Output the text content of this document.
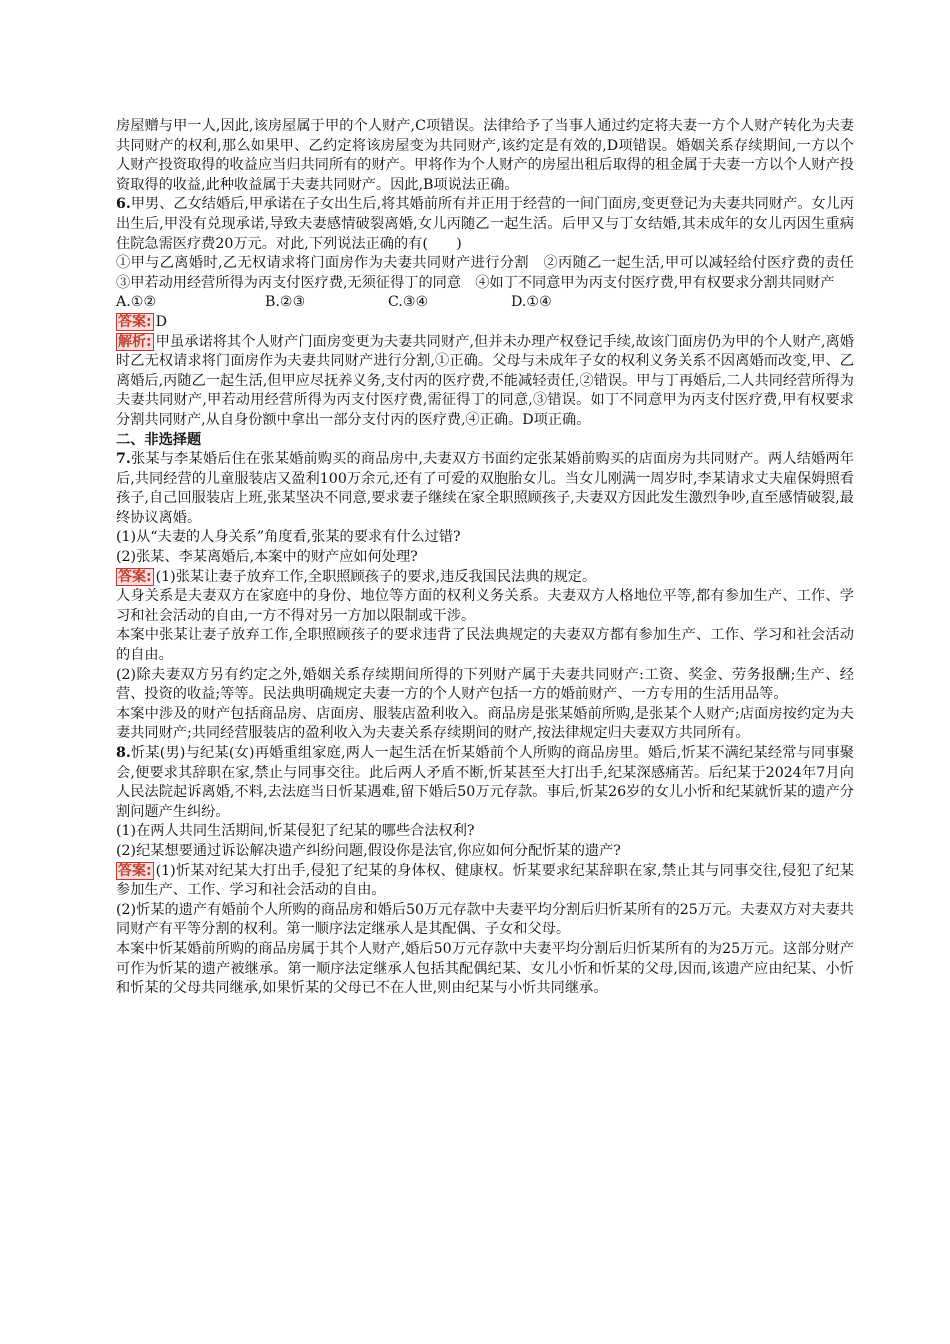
房屋赠与甲一人,因此,该房屋属于甲的个人财产,C项错误。法律给予了当事人通过约定将夫妻一方个人财产转化为夫妻共同财产的权利,那么如果甲、乙约定将该房屋变为共同财产,该约定是有效的,D项错误。婚姻关系存续期间,一方以个人财产投资取得的收益应当归共同所有的财产。甲将作为个人财产的房屋出租后取得的租金属于夫妻一方以个人财产投资取得的收益,此种收益属于夫妻共同财产。因此,B项说法正确。

6.甲男、乙女结婚后,甲承诺在子女出生后,将其婚前所有并正用于经营的一间门面房,变更登记为夫妻共同财产。女儿丙出生后,甲没有兑现承诺,导致夫妻感情破裂离婚,女儿丙随乙一起生活。后甲又与丁女结婚,其未成年的女儿丙因生重病住院急需医疗费20万元。对此,下列说法正确的有(　　)

①甲与乙离婚时,乙无权请求将门面房作为夫妻共同财产进行分割　②丙随乙一起生活,甲可以减轻给付医疗费的责任　③甲若动用经营所得为丙支付医疗费,无须征得丁的同意　④如丁不同意甲为丙支付医疗费,甲有权要求分割共同财产

A.①②	B.②③	C.③④	D.①④

答案: D

解析: 甲虽承诺将其个人财产门面房变更为夫妻共同财产,但并未办理产权登记手续,故该门面房仍为甲的个人财产,离婚时乙无权请求将门面房作为夫妻共同财产进行分割,①正确。父母与未成年子女的权利义务关系不因离婚而改变,甲、乙离婚后,丙随乙一起生活,但甲应尽抚养义务,支付丙的医疗费,不能减轻责任,②错误。甲与丁再婚后,二人共同经营所得为夫妻共同财产,甲若动用经营所得为丙支付医疗费,需征得丁的同意,③错误。如丁不同意甲为丙支付医疗费,甲有权要求分割共同财产,从自身份额中拿出一部分支付丙的医疗费,④正确。D项正确。

二、非选择题

7.张某与李某婚后住在张某婚前购买的商品房中,夫妻双方书面约定张某婚前购买的店面房为共同财产。两人结婚两年后,共同经营的儿童服装店又盈利100万余元,还有了可爱的双胞胎女儿。当女儿刚满一周岁时,李某请求丈夫雇保姆照看孩子,自己回服装店上班,张某坚决不同意,要求妻子继续在家全职照顾孩子,夫妻双方因此发生激烈争吵,直至感情破裂,最终协议离婚。

(1)从“夫妻的人身关系”角度看,张某的要求有什么过错?

(2)张某、李某离婚后,本案中的财产应如何处理?

答案: (1)张某让妻子放弃工作,全职照顾孩子的要求,违反我国民法典的规定。

人身关系是夫妻双方在家庭中的身份、地位等方面的权利义务关系。夫妻双方人格地位平等,都有参加生产、工作、学习和社会活动的自由,一方不得对另一方加以限制或干涉。

本案中张某让妻子放弃工作,全职照顾孩子的要求违背了民法典规定的夫妻双方都有参加生产、工作、学习和社会活动的自由。

(2)除夫妻双方另有约定之外,婚姻关系存续期间所得的下列财产属于夫妻共同财产:工资、奖金、劳务报酬;生产、经营、投资的收益;等等。民法典明确规定夫妻一方的个人财产包括一方的婚前财产、一方专用的生活用品等。

本案中涉及的财产包括商品房、店面房、服装店盈利收入。商品房是张某婚前所购,是张某个人财产;店面房按约定为夫妻共同财产;共同经营服装店的盈利收入为夫妻关系存续期间的财产,按法律规定归夫妻双方共同所有。

8.忻某(男)与纪某(女)再婚重组家庭,两人一起生活在忻某婚前个人所购的商品房里。婚后,忻某不满纪某经常与同事聚会,便要求其辞职在家,禁止与同事交往。此后两人矛盾不断,忻某甚至大打出手,纪某深感痛苦。后纪某于2024年7月向人民法院起诉离婚,不料,去法庭当日忻某遇难,留下婚后50万元存款。事后,忻某26岁的女儿小忻和纪某就忻某的遗产分割问题产生纠纷。

(1)在两人共同生活期间,忻某侵犯了纪某的哪些合法权利?

(2)纪某想要通过诉讼解决遗产纠纷问题,假设你是法官,你应如何分配忻某的遗产?

答案: (1)忻某对纪某大打出手,侵犯了纪某的身体权、健康权。忻某要求纪某辞职在家,禁止其与同事交往,侵犯了纪某参加生产、工作、学习和社会活动的自由。

(2)忻某的遗产有婚前个人所购的商品房和婚后50万元存款中夫妻平均分割后归忻某所有的25万元。夫妻双方对夫妻共同财产有平等分割的权利。第一顺序法定继承人是其配偶、子女和父母。

本案中忻某婚前所购的商品房属于其个人财产,婚后50万元存款中夫妻平均分割后归忻某所有的为25万元。这部分财产可作为忻某的遗产被继承。第一顺序法定继承人包括其配偶纪某、女儿小忻和忻某的父母,因而,该遗产应由纪某、小忻和忻某的父母共同继承,如果忻某的父母已不在人世,则由纪某与小忻共同继承。
